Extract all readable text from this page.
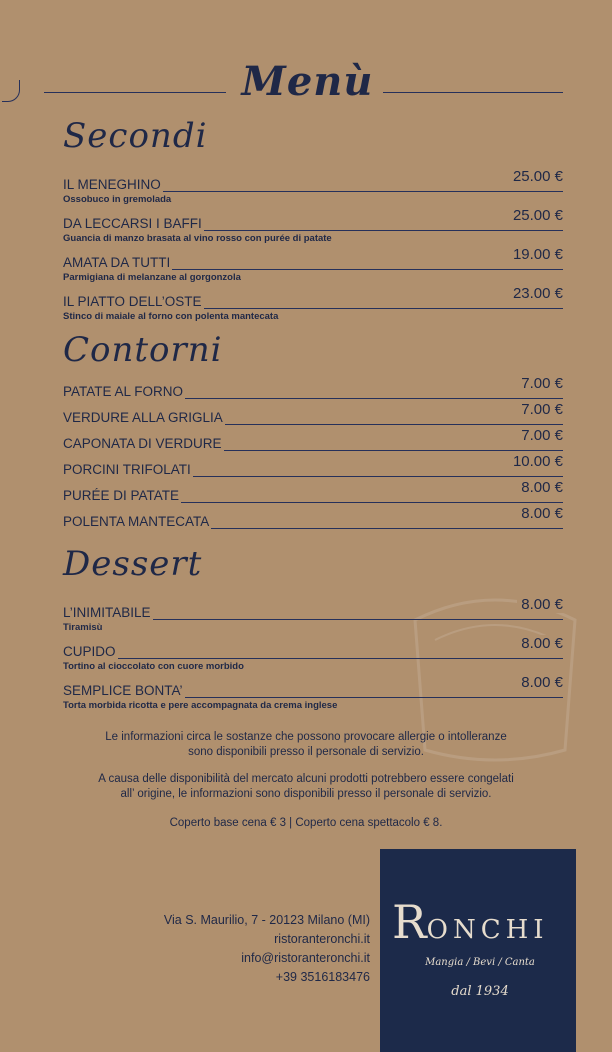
Menù
Secondi
IL MENEGHINO	25.00 €
Ossobuco in gremolada
DA LECCARSI I BAFFI	25.00 €
Guancia di manzo brasata al vino rosso con purée di patate
AMATA DA TUTTI	19.00 €
Parmigiana di melanzane al gorgonzola
IL PIATTO DELL’OSTE	23.00 €
Stinco di maiale al forno con polenta mantecata
Contorni
PATATE AL FORNO	7.00 €
VERDURE ALLA GRIGLIA	7.00 €
CAPONATA DI VERDURE	7.00 €
PORCINI TRIFOLATI	10.00 €
PURÉE DI PATATE	8.00 €
POLENTA MANTECATA	8.00 €
Dessert
L’INIMITABILE	8.00 €
Tiramisù
CUPIDO	8.00 €
Tortino al cioccolato con cuore morbido
SEMPLICE BONTA’	8.00 €
Torta morbida ricotta e pere accompagnata da crema inglese
Le informazioni circa le sostanze che possono provocare allergie o intolleranze
sono disponibili presso il personale di servizio.
A causa delle disponibilità del mercato alcuni prodotti potrebbero essere congelati
all’ origine, le informazioni sono disponibili presso il personale di servizio.
Coperto base cena € 3 | Coperto cena spettacolo € 8.
Via S. Maurilio, 7 - 20123 Milano (MI)
ristoranteronchi.it
info@ristoranteronchi.it
+39 3516183476
RONCHI
Mangia / Bevi / Canta
dal 1934
